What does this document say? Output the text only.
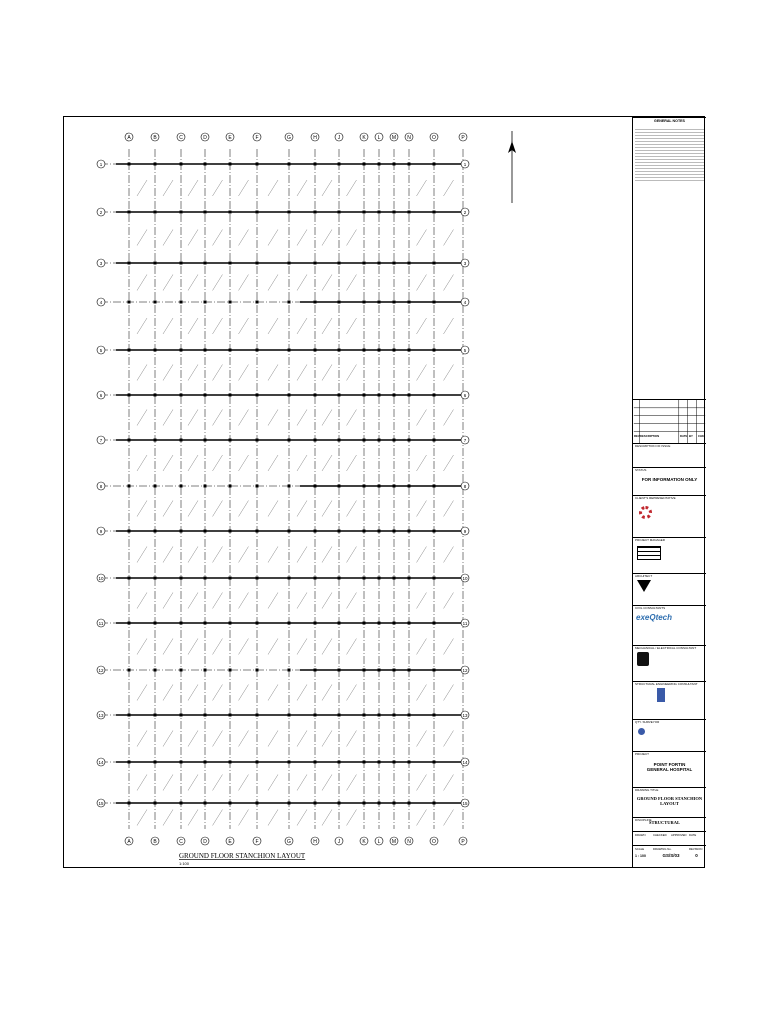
A
A
B
B
C
C
D
D
E
E
F
F
G
G
H
H
J
J
K
K
L
L
M
M
N
N
O
O
P
P
1	1
2	2
3	3
4	4
5	5
6	6
7	7
8	8
9	9
10	10
11	11
12	12
13	13
14	14
15	15
GROUND FLOOR STANCHION LAYOUT
1:100
GENERAL NOTES
REV DESCRIPTION	DATE BY	CHK
DESCRIPTION OF ISSUE
STATUS
FOR INFORMATION ONLY
CLIENT'S REPRESENTATIVE
PROJECT MANAGER
ARCHITECT
CIVIL CONSULTANTS
exeQtech
MECHANICAL / ELECTRICAL CONSULTANT
STRUCTURAL ENGINEERING CONSULTANT
QTY. SURVEYOR
PROJECT
POINT FORTIN
GENERAL HOSPITAL
DRAWING TITLE
GROUND FLOOR STANCHION
LAYOUT
DISCIPLINE
STRUCTURAL
DRAWN	CHECKED	APPROVED DATE
SCALE	DRAWING No.	REVISION
1 : 100	GS/S/03	0
